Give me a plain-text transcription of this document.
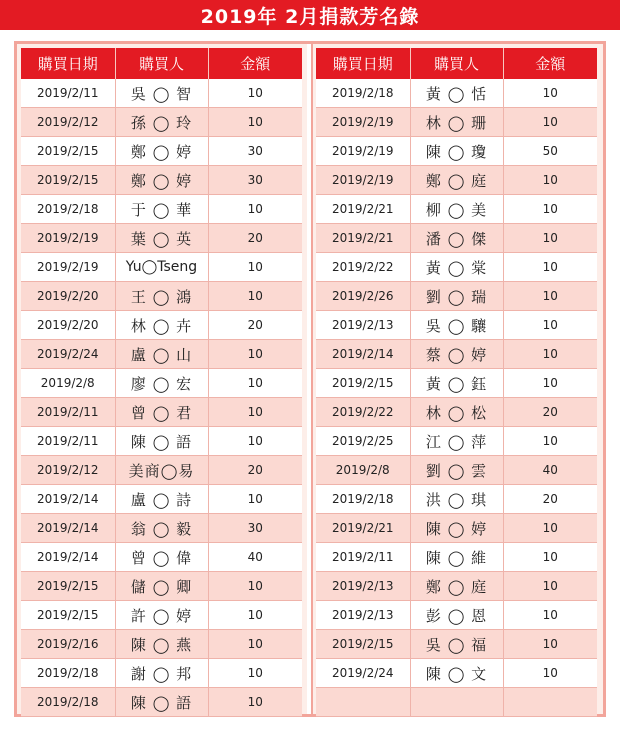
2019年 2月捐款芳名錄
購買日期	購買人	金額
2019/2/11	吳 ◯ 智	10
2019/2/12	孫 ◯ 玲	10
2019/2/15	鄭 ◯ 婷	30
2019/2/15	鄭 ◯ 婷	30
2019/2/18	于 ◯ 華	10
2019/2/19	葉 ◯ 英	20
2019/2/19	Yu◯Tseng	10
2019/2/20	王 ◯ 鴻	10
2019/2/20	林 ◯ 卉	20
2019/2/24	盧 ◯ 山	10
2019/2/8	廖 ◯ 宏	10
2019/2/11	曾 ◯ 君	10
2019/2/11	陳 ◯ 語	10
2019/2/12	美商◯易	20
2019/2/14	盧 ◯ 詩	10
2019/2/14	翁 ◯ 毅	30
2019/2/14	曾 ◯ 偉	40
2019/2/15	儲 ◯ 卿	10
2019/2/15	許 ◯ 婷	10
2019/2/16	陳 ◯ 燕	10
2019/2/18	謝 ◯ 邦	10
2019/2/18	陳 ◯ 語	10
購買日期	購買人	金額
2019/2/18	黃 ◯ 恬	10
2019/2/19	林 ◯ 珊	10
2019/2/19	陳 ◯ 瓊	50
2019/2/19	鄭 ◯ 庭	10
2019/2/21	柳 ◯ 美	10
2019/2/21	潘 ◯ 傑	10
2019/2/22	黃 ◯ 棠	10
2019/2/26	劉 ◯ 瑞	10
2019/2/13	吳 ◯ 驤	10
2019/2/14	蔡 ◯ 婷	10
2019/2/15	黃 ◯ 鈺	10
2019/2/22	林 ◯ 松	20
2019/2/25	江 ◯ 萍	10
2019/2/8	劉 ◯ 雲	40
2019/2/18	洪 ◯ 琪	20
2019/2/21	陳 ◯ 婷	10
2019/2/11	陳 ◯ 維	10
2019/2/13	鄭 ◯ 庭	10
2019/2/13	彭 ◯ 恩	10
2019/2/15	吳 ◯ 福	10
2019/2/24	陳 ◯ 文	10
